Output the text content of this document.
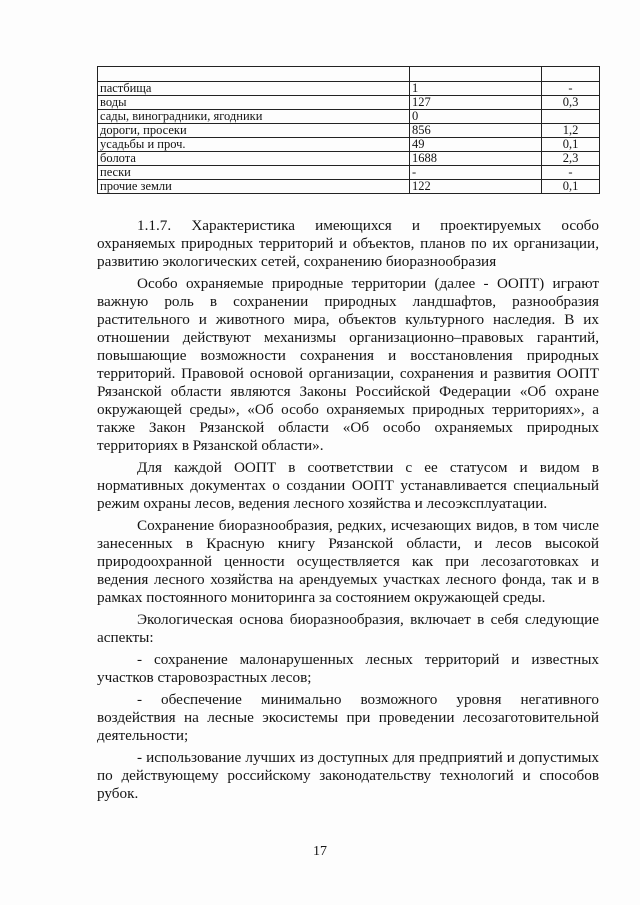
пастбища	1	-
воды	127	0,3
сады, виноградники, ягодники	0	
дороги, просеки	856	1,2
усадьбы и проч.	49	0,1
болота	1688	2,3
пески	-	-
прочие земли	122	0,1

1.1.7. Характеристика имеющихся и проектируемых особо охраняемых природных территорий и объектов, планов по их организации, развитию экологических сетей, сохранению биоразнообразия

Особо охраняемые природные территории (далее - ООПТ) играют важную роль в сохранении природных ландшафтов, разнообразия растительного и животного мира, объектов культурного наследия. В их отношении действуют механизмы организационно–правовых гарантий, повышающие возможности сохранения и восстановления природных территорий. Правовой основой организации, сохранения и развития ООПТ Рязанской области являются Законы Российской Федерации «Об охране окружающей среды», «Об особо охраняемых природных территориях», а также Закон Рязанской области «Об особо охраняемых природных территориях в Рязанской области».

Для каждой ООПТ в соответствии с ее статусом и видом в нормативных документах о создании ООПТ устанавливается специальный режим охраны лесов, ведения лесного хозяйства и лесоэксплуатации.

Сохранение биоразнообразия, редких, исчезающих видов, в том числе занесенных в Красную книгу Рязанской области, и лесов высокой природоохранной ценности осуществляется как при лесозаготовках и ведения лесного хозяйства на арендуемых участках лесного фонда, так и в рамках постоянного мониторинга за состоянием окружающей среды.

Экологическая основа биоразнообразия, включает в себя следующие аспекты:

- сохранение малонарушенных лесных территорий и известных участков старовозрастных лесов;

- обеспечение минимально возможного уровня негативного воздействия на лесные экосистемы при проведении лесозаготовительной деятельности;

- использование лучших из доступных для предприятий и допустимых по действующему российскому законодательству технологий и способов рубок.

17
